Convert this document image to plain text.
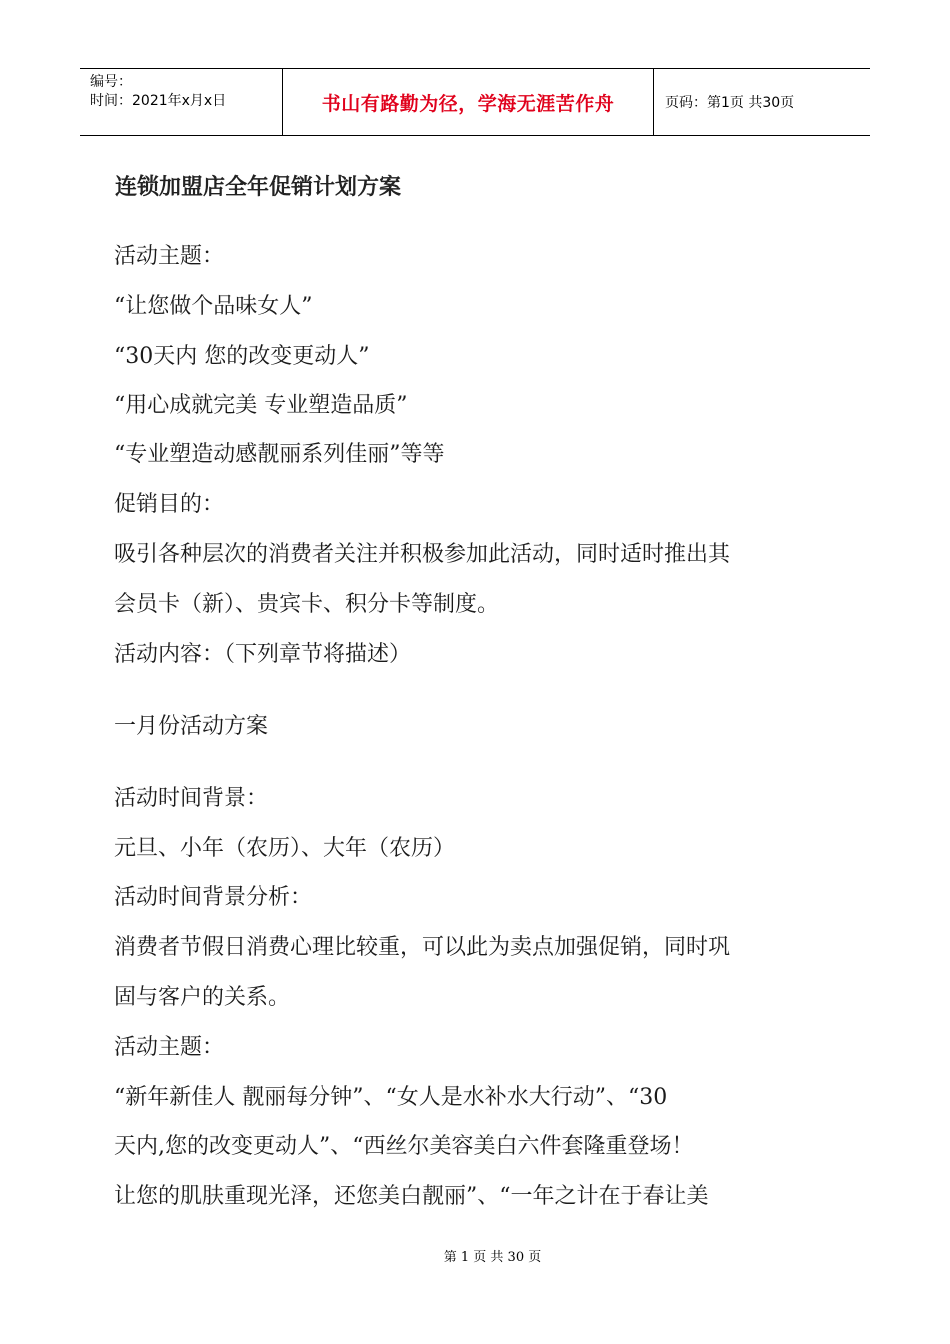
编号：
时间：2021年x月x日	书山有路勤为径，学海无涯苦作舟	页码：第1页 共30页
连锁加盟店全年促销计划方案
活动主题：
“让您做个品味女人”
“30天内 您的改变更动人”
“用心成就完美 专业塑造品质”
“专业塑造动感靓丽系列佳丽”等等
促销目的：
吸引各种层次的消费者关注并积极参加此活动，同时适时推出其
会员卡（新）、贵宾卡、积分卡等制度。
活动内容：（下列章节将描述）
一月份活动方案
活动时间背景：
元旦、小年（农历）、大年（农历）
活动时间背景分析：
消费者节假日消费心理比较重，可以此为卖点加强促销，同时巩
固与客户的关系。
活动主题：
“新年新佳人 靓丽每分钟”、“女人是水补水大行动”、“30
天内,您的改变更动人”、“西丝尔美容美白六件套隆重登场！
让您的肌肤重现光泽，还您美白靓丽”、“一年之计在于春让美
第 1 页 共 30 页
